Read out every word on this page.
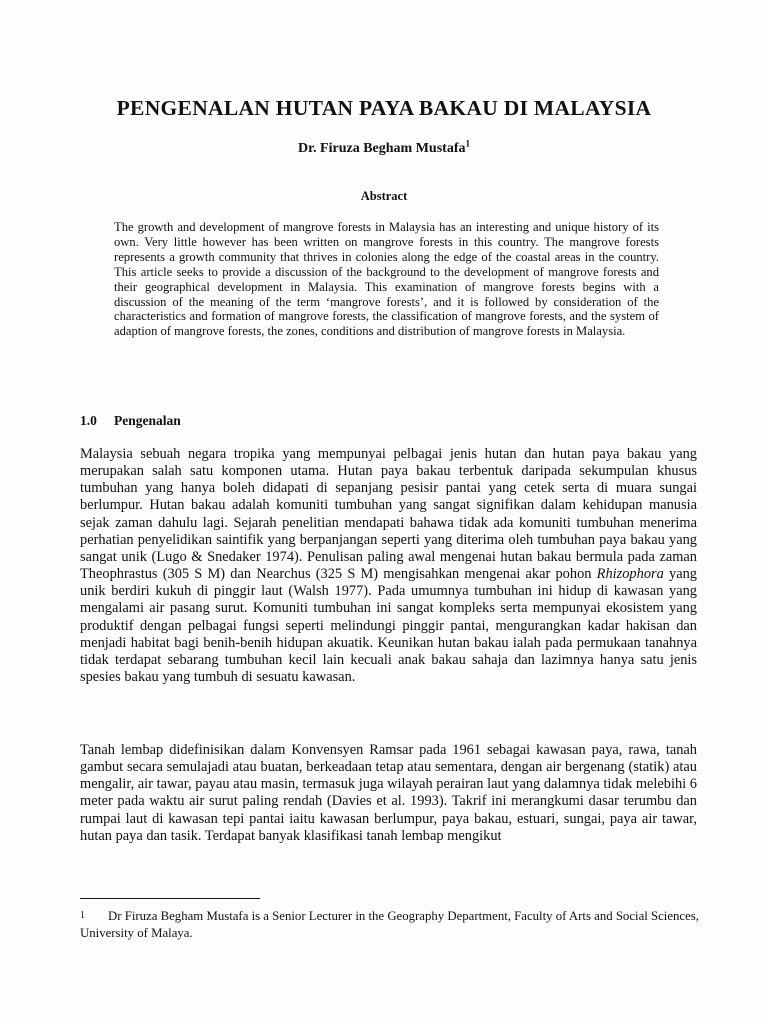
PENGENALAN HUTAN PAYA BAKAU DI MALAYSIA

Dr. Firuza Begham Mustafa$^1$

Abstract

The growth and development of mangrove forests in Malaysia has an interesting and unique history of its own. Very little however has been written on mangrove forests in this country. The mangrove forests represents a growth community that thrives in colonies along the edge of the coastal areas in the country. This article seeks to provide a discussion of the background to the development of mangrove forests and their geographical development in Malaysia. This examination of mangrove forests begins with a discussion of the meaning of the term ‘mangrove forests’, and it is followed by consideration of the characteristics and formation of mangrove forests, the classification of mangrove forests, and the system of adaption of mangrove forests, the zones, conditions and distribution of mangrove forests in Malaysia.

1.0 Pengenalan

Malaysia sebuah negara tropika yang mempunyai pelbagai jenis hutan dan hutan paya bakau yang merupakan salah satu komponen utama. Hutan paya bakau terbentuk daripada sekumpulan khusus tumbuhan yang hanya boleh didapati di sepanjang pesisir pantai yang cetek serta di muara sungai berlumpur. Hutan bakau adalah komuniti tumbuhan yang sangat signifikan dalam kehidupan manusia sejak zaman dahulu lagi. Sejarah penelitian mendapati bahawa tidak ada komuniti tumbuhan menerima perhatian penyelidikan saintifik yang berpanjangan seperti yang diterima oleh tumbuhan paya bakau yang sangat unik (Lugo & Snedaker 1974). Penulisan paling awal mengenai hutan bakau bermula pada zaman Theophrastus (305 S M) dan Nearchus (325 S M) mengisahkan mengenai akar pohon Rhizophora yang unik berdiri kukuh di pinggir laut (Walsh 1977). Pada umumnya tumbuhan ini hidup di kawasan yang mengalami air pasang surut. Komuniti tumbuhan ini sangat kompleks serta mempunyai ekosistem yang produktif dengan pelbagai fungsi seperti melindungi pinggir pantai, mengurangkan kadar hakisan dan menjadi habitat bagi benih-benih hidupan akuatik. Keunikan hutan bakau ialah pada permukaan tanahnya tidak terdapat sebarang tumbuhan kecil lain kecuali anak bakau sahaja dan lazimnya hanya satu jenis spesies bakau yang tumbuh di sesuatu kawasan.

Tanah lembap didefinisikan dalam Konvensyen Ramsar pada 1961 sebagai kawasan paya, rawa, tanah gambut secara semulajadi atau buatan, berkeadaan tetap atau sementara, dengan air bergenang (statik) atau mengalir, air tawar, payau atau masin, termasuk juga wilayah perairan laut yang dalamnya tidak melebihi 6 meter pada waktu air surut paling rendah (Davies et al. 1993). Takrif ini merangkumi dasar terumbu dan rumpai laut di kawasan tepi pantai iaitu kawasan berlumpur, paya bakau, estuari, sungai, paya air tawar, hutan paya dan tasik. Terdapat banyak klasifikasi tanah lembap mengikut

1 Dr Firuza Begham Mustafa is a Senior Lecturer in the Geography Department, Faculty of Arts and Social Sciences, University of Malaya.
